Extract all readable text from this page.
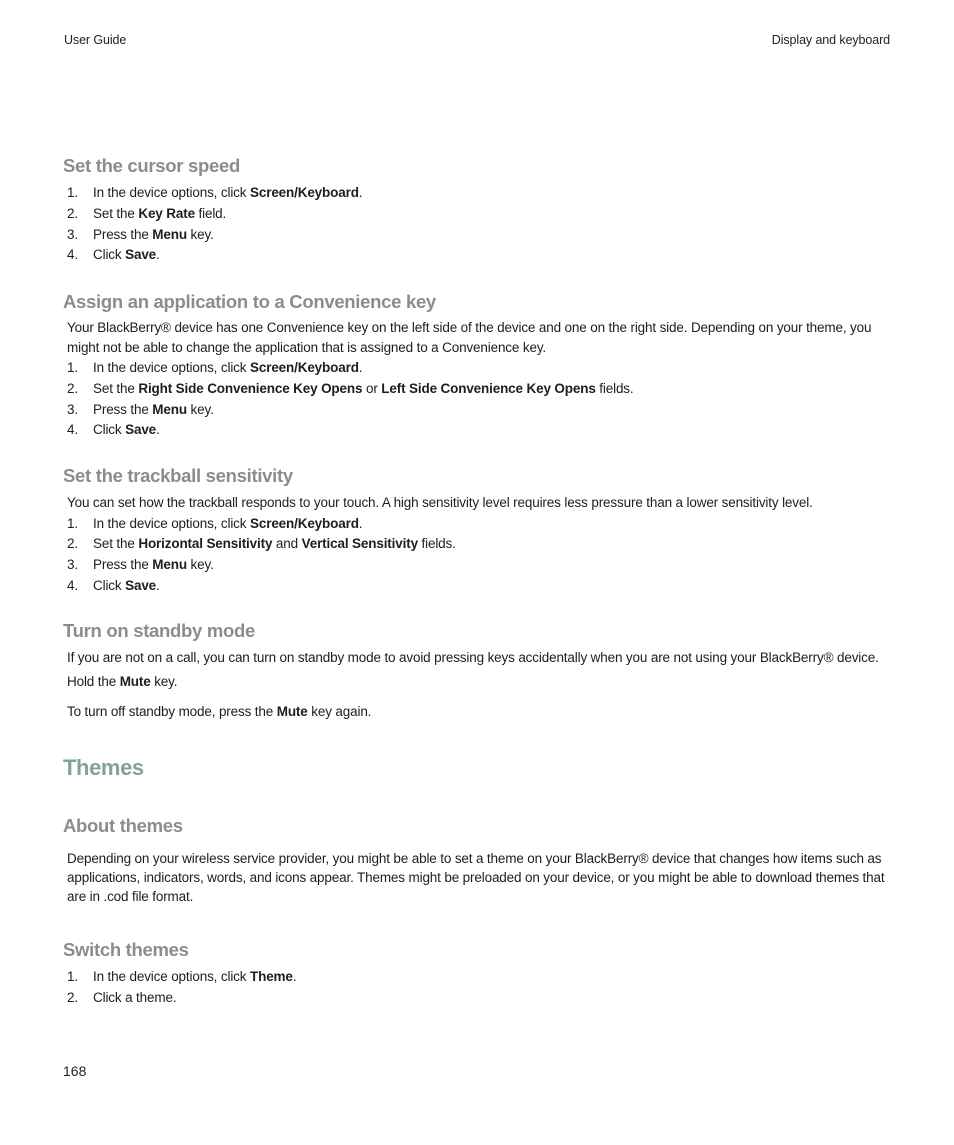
User Guide	Display and keyboard
Set the cursor speed
1.	In the device options, click Screen/Keyboard.
2.	Set the Key Rate field.
3.	Press the Menu key.
4.	Click Save.
Assign an application to a Convenience key

Your BlackBerry® device has one Convenience key on the left side of the device and one on the right side. Depending on your theme, you might not be able to change the application that is assigned to a Convenience key.

1.	In the device options, click Screen/Keyboard.
2.	Set the Right Side Convenience Key Opens or Left Side Convenience Key Opens fields.
3.	Press the Menu key.
4.	Click Save.
Set the trackball sensitivity

You can set how the trackball responds to your touch. A high sensitivity level requires less pressure than a lower sensitivity level.

1.	In the device options, click Screen/Keyboard.
2.	Set the Horizontal Sensitivity and Vertical Sensitivity fields.
3.	Press the Menu key.
4.	Click Save.
Turn on standby mode

If you are not on a call, you can turn on standby mode to avoid pressing keys accidentally when you are not using your BlackBerry® device.

Hold the Mute key.

To turn off standby mode, press the Mute key again.

Themes
About themes

Depending on your wireless service provider, you might be able to set a theme on your BlackBerry® device that changes how items such as applications, indicators, words, and icons appear. Themes might be preloaded on your device, or you might be able to download themes that are in .cod file format.

Switch themes
1.	In the device options, click Theme.
2.	Click a theme.
168
